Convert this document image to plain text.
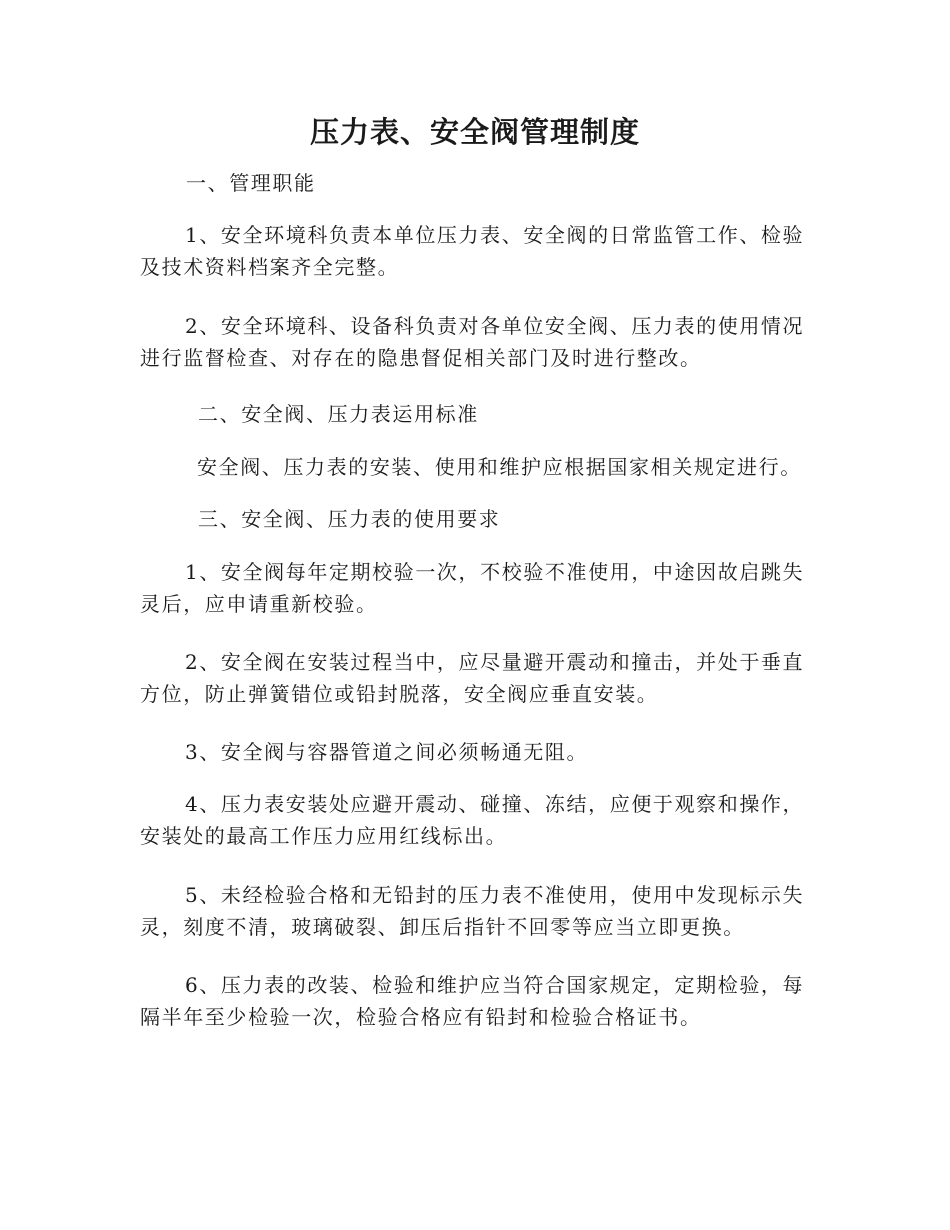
压力表、安全阀管理制度
一、管理职能
1、安全环境科负责本单位压力表、安全阀的日常监管工作、检验
及技术资料档案齐全完整。
2、安全环境科、设备科负责对各单位安全阀、压力表的使用情况
进行监督检查、对存在的隐患督促相关部门及时进行整改。
二、安全阀、压力表运用标准
安全阀、压力表的安装、使用和维护应根据国家相关规定进行。
三、安全阀、压力表的使用要求
1、安全阀每年定期校验一次，不校验不准使用，中途因故启跳失
灵后，应申请重新校验。
2、安全阀在安装过程当中，应尽量避开震动和撞击，并处于垂直
方位，防止弹簧错位或铅封脱落，安全阀应垂直安装。
3、安全阀与容器管道之间必须畅通无阻。
4、压力表安装处应避开震动、碰撞、冻结，应便于观察和操作，
安装处的最高工作压力应用红线标出。
5、未经检验合格和无铅封的压力表不准使用，使用中发现标示失
灵，刻度不清，玻璃破裂、卸压后指针不回零等应当立即更换。
6、压力表的改装、检验和维护应当符合国家规定，定期检验，每
隔半年至少检验一次，检验合格应有铅封和检验合格证书。
